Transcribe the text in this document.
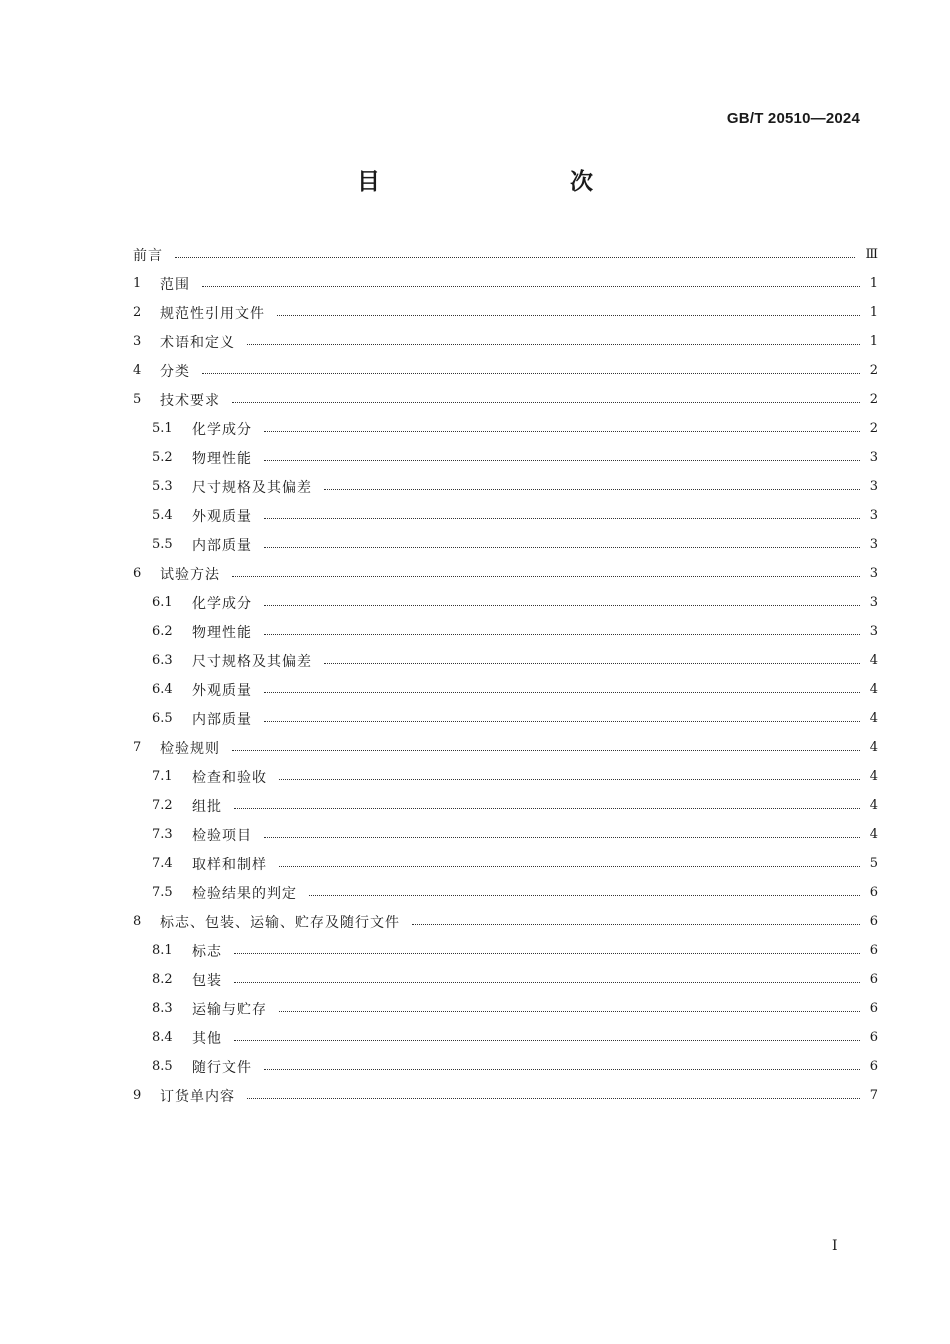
GB/T 20510—2024
目　　次
前言	Ⅲ
1	范围	1
2	规范性引用文件	1
3	术语和定义	1
4	分类	2
5	技术要求	2
5.1	化学成分	2
5.2	物理性能	3
5.3	尺寸规格及其偏差	3
5.4	外观质量	3
5.5	内部质量	3
6	试验方法	3
6.1	化学成分	3
6.2	物理性能	3
6.3	尺寸规格及其偏差	4
6.4	外观质量	4
6.5	内部质量	4
7	检验规则	4
7.1	检查和验收	4
7.2	组批	4
7.3	检验项目	4
7.4	取样和制样	5
7.5	检验结果的判定	6
8	标志、包装、运输、贮存及随行文件	6
8.1	标志	6
8.2	包装	6
8.3	运输与贮存	6
8.4	其他	6
8.5	随行文件	6
9	订货单内容	7
I
